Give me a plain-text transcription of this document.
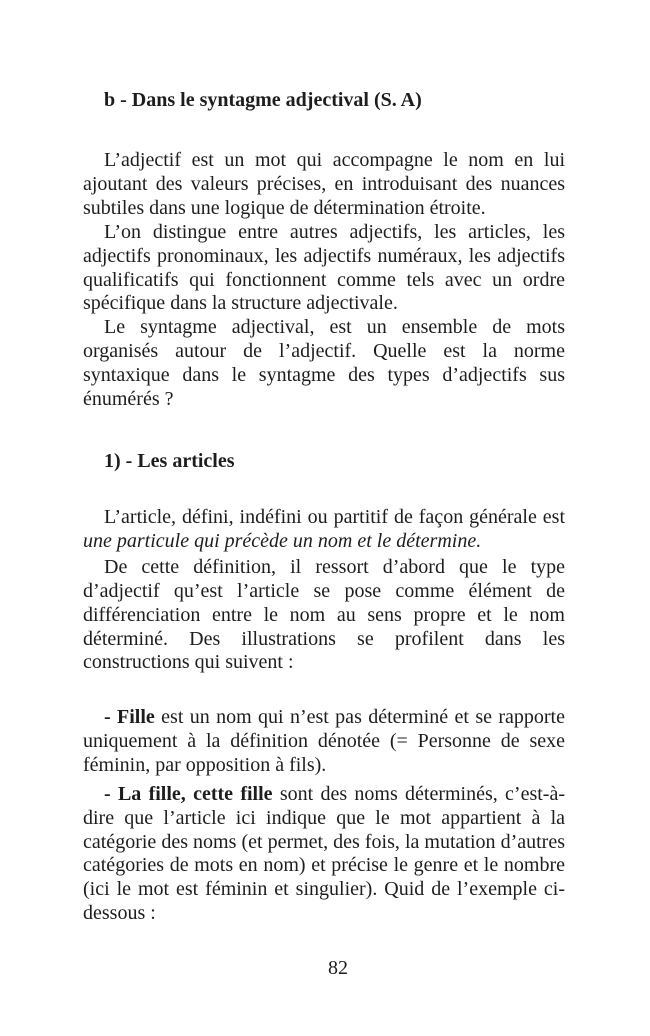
b - Dans le syntagme adjectival (S. A)
L’adjectif est un mot qui accompagne le nom en lui
ajoutant des valeurs précises, en introduisant des nuances
subtiles dans une logique de détermination étroite.
L’on distingue entre autres adjectifs, les articles, les
adjectifs pronominaux, les adjectifs numéraux, les adjectifs
qualificatifs qui fonctionnent comme tels avec un ordre
spécifique dans la structure adjectivale.
Le syntagme adjectival, est un ensemble de mots
organisés autour de l’adjectif. Quelle est la norme
syntaxique dans le syntagme des types d’adjectifs sus
énumérés ?
1) - Les articles
L’article, défini, indéfini ou partitif de façon générale est
une particule qui précède un nom et le détermine.
De cette définition, il ressort d’abord que le type
d’adjectif qu’est l’article se pose comme élément de
différenciation entre le nom au sens propre et le nom
déterminé. Des illustrations se profilent dans les
constructions qui suivent :
- Fille est un nom qui n’est pas déterminé et se rapporte
uniquement à la définition dénotée (= Personne de sexe
féminin, par opposition à fils).
- La fille, cette fille sont des noms déterminés, c’est-à-
dire que l’article ici indique que le mot appartient à la
catégorie des noms (et permet, des fois, la mutation d’autres
catégories de mots en nom) et précise le genre et le nombre
(ici le mot est féminin et singulier). Quid de l’exemple ci-
dessous :
82
